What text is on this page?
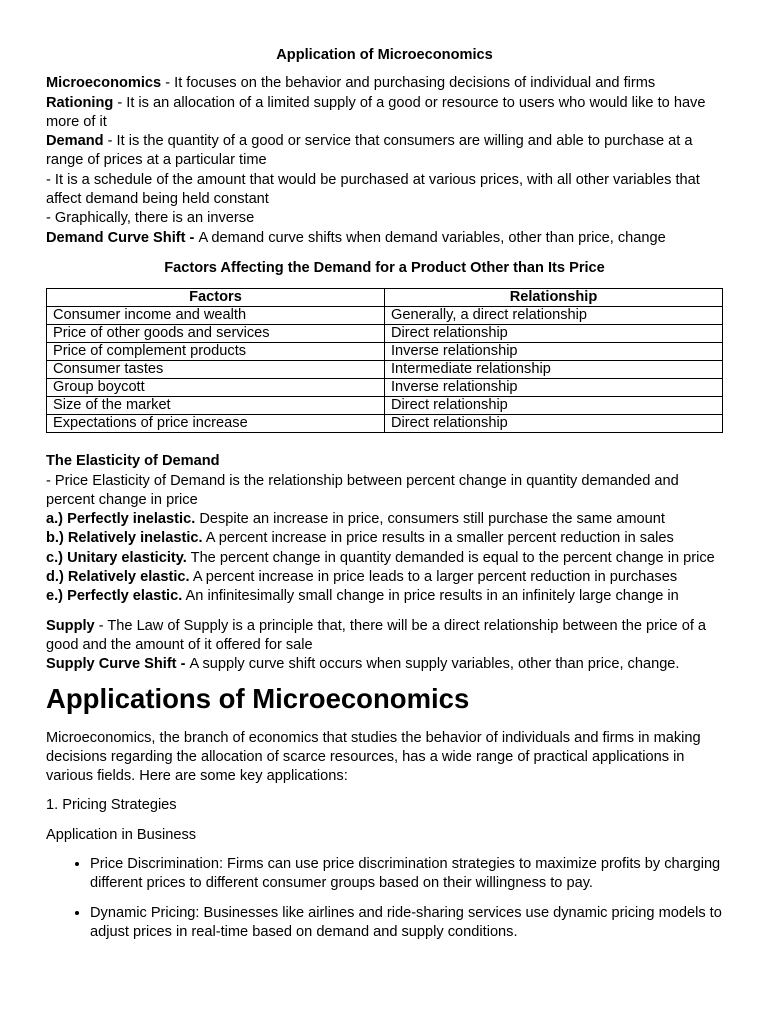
Application of Microeconomics

Microeconomics - It focuses on the behavior and purchasing decisions of individual and firms

Rationing - It is an allocation of a limited supply of a good or resource to users who would like to have more of it

Demand - It is the quantity of a good or service that consumers are willing and able to purchase at a range of prices at a particular time

- It is a schedule of the amount that would be purchased at various prices, with all other variables that affect demand being held constant

- Graphically, there is an inverse

Demand Curve Shift - A demand curve shifts when demand variables, other than price, change

Factors Affecting the Demand for a Product Other than Its Price

Factors	Relationship
Consumer income and wealth	Generally, a direct relationship
Price of other goods and services	Direct relationship
Price of complement products	Inverse relationship
Consumer tastes	Intermediate relationship
Group boycott	Inverse relationship
Size of the market	Direct relationship
Expectations of price increase	Direct relationship

The Elasticity of Demand

- Price Elasticity of Demand is the relationship between percent change in quantity demanded and percent change in price

a.) Perfectly inelastic. Despite an increase in price, consumers still purchase the same amount

b.) Relatively inelastic. A percent increase in price results in a smaller percent reduction in sales

c.) Unitary elasticity. The percent change in quantity demanded is equal to the percent change in price

d.) Relatively elastic. A percent increase in price leads to a larger percent reduction in purchases

e.) Perfectly elastic. An infinitesimally small change in price results in an infinitely large change in

Supply - The Law of Supply is a principle that, there will be a direct relationship between the price of a good and the amount of it offered for sale

Supply Curve Shift - A supply curve shift occurs when supply variables, other than price, change.

Applications of Microeconomics

Microeconomics, the branch of economics that studies the behavior of individuals and firms in making decisions regarding the allocation of scarce resources, has a wide range of practical applications in various fields. Here are some key applications:

1. Pricing Strategies

Application in Business

• Price Discrimination: Firms can use price discrimination strategies to maximize profits by charging different prices to different consumer groups based on their willingness to pay.
• Dynamic Pricing: Businesses like airlines and ride-sharing services use dynamic pricing models to adjust prices in real-time based on demand and supply conditions.
